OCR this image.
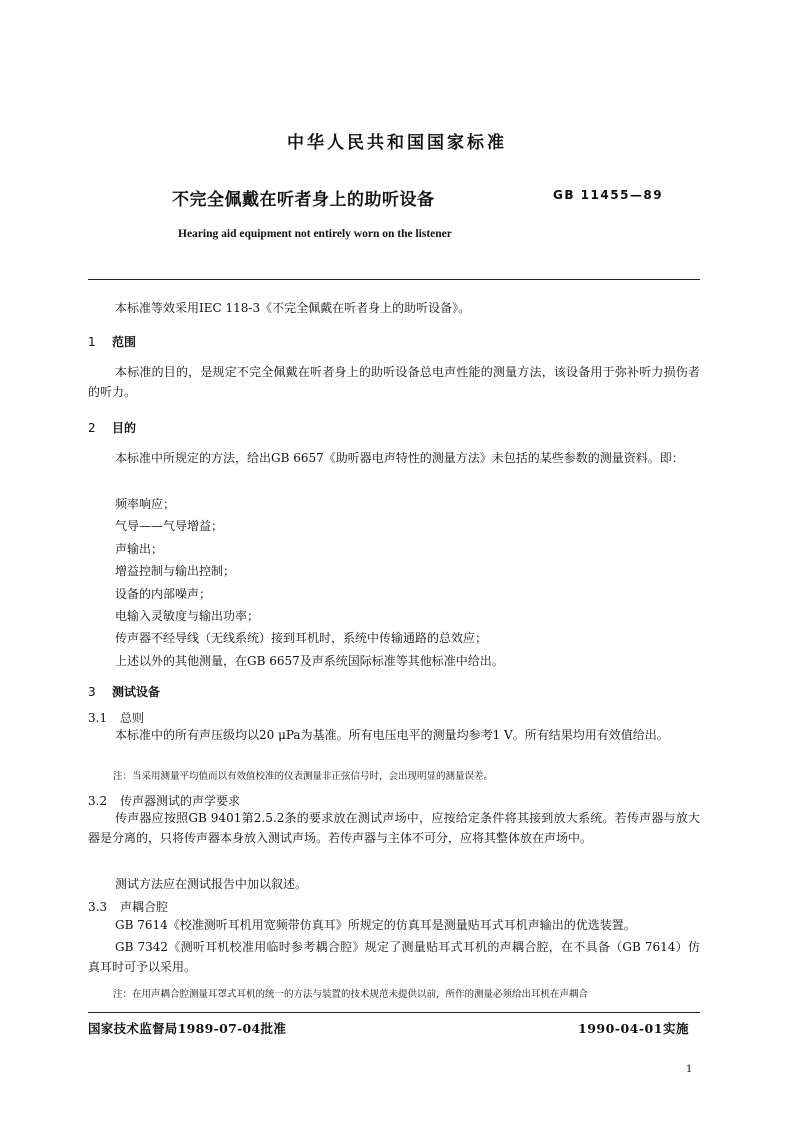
中华人民共和国国家标准
不完全佩戴在听者身上的助听设备	GB 11455—89
Hearing aid equipment not entirely worn on the listener
本标准等效采用IEC 118-3《不完全佩戴在听者身上的助听设备》。
1 范围
本标准的目的，是规定不完全佩戴在听者身上的助听设备总电声性能的测量方法，该设备用于弥补听力损伤者的听力。
2 目的
本标准中所规定的方法，给出GB 6657《助听器电声特性的测量方法》未包括的某些参数的测量资料。即：
频率响应；
气导——气导增益；
声输出；
增益控制与输出控制；
设备的内部噪声；
电输入灵敏度与输出功率；
传声器不经导线（无线系统）接到耳机时，系统中传输通路的总效应；
上述以外的其他测量，在GB 6657及声系统国际标准等其他标准中给出。
3 测试设备
3.1 总则
本标准中的所有声压级均以20 μPa为基准。所有电压电平的测量均参考1 V。所有结果均用有效值给出。
注：当采用测量平均值而以有效值校准的仪表测量非正弦信号时，会出现明显的测量误差。
3.2 传声器测试的声学要求
传声器应按照GB 9401第2.5.2条的要求放在测试声场中，应按给定条件将其接到放大系统。若传声器与放大器是分离的，只将传声器本身放入测试声场。若传声器与主体不可分，应将其整体放在声场中。
测试方法应在测试报告中加以叙述。
3.3 声耦合腔
GB 7614《校准测听耳机用宽频带仿真耳》所规定的仿真耳是测量贴耳式耳机声输出的优选装置。
GB 7342《测听耳机校准用临时参考耦合腔》规定了测量贴耳式耳机的声耦合腔，在不具备（GB 7614）仿真耳时可予以采用。
注：在用声耦合腔测量耳罩式耳机的统一的方法与装置的技术规范未提供以前，所作的测量必须给出耳机在声耦合
国家技术监督局1989-07-04批准	1990-04-01实施
1
